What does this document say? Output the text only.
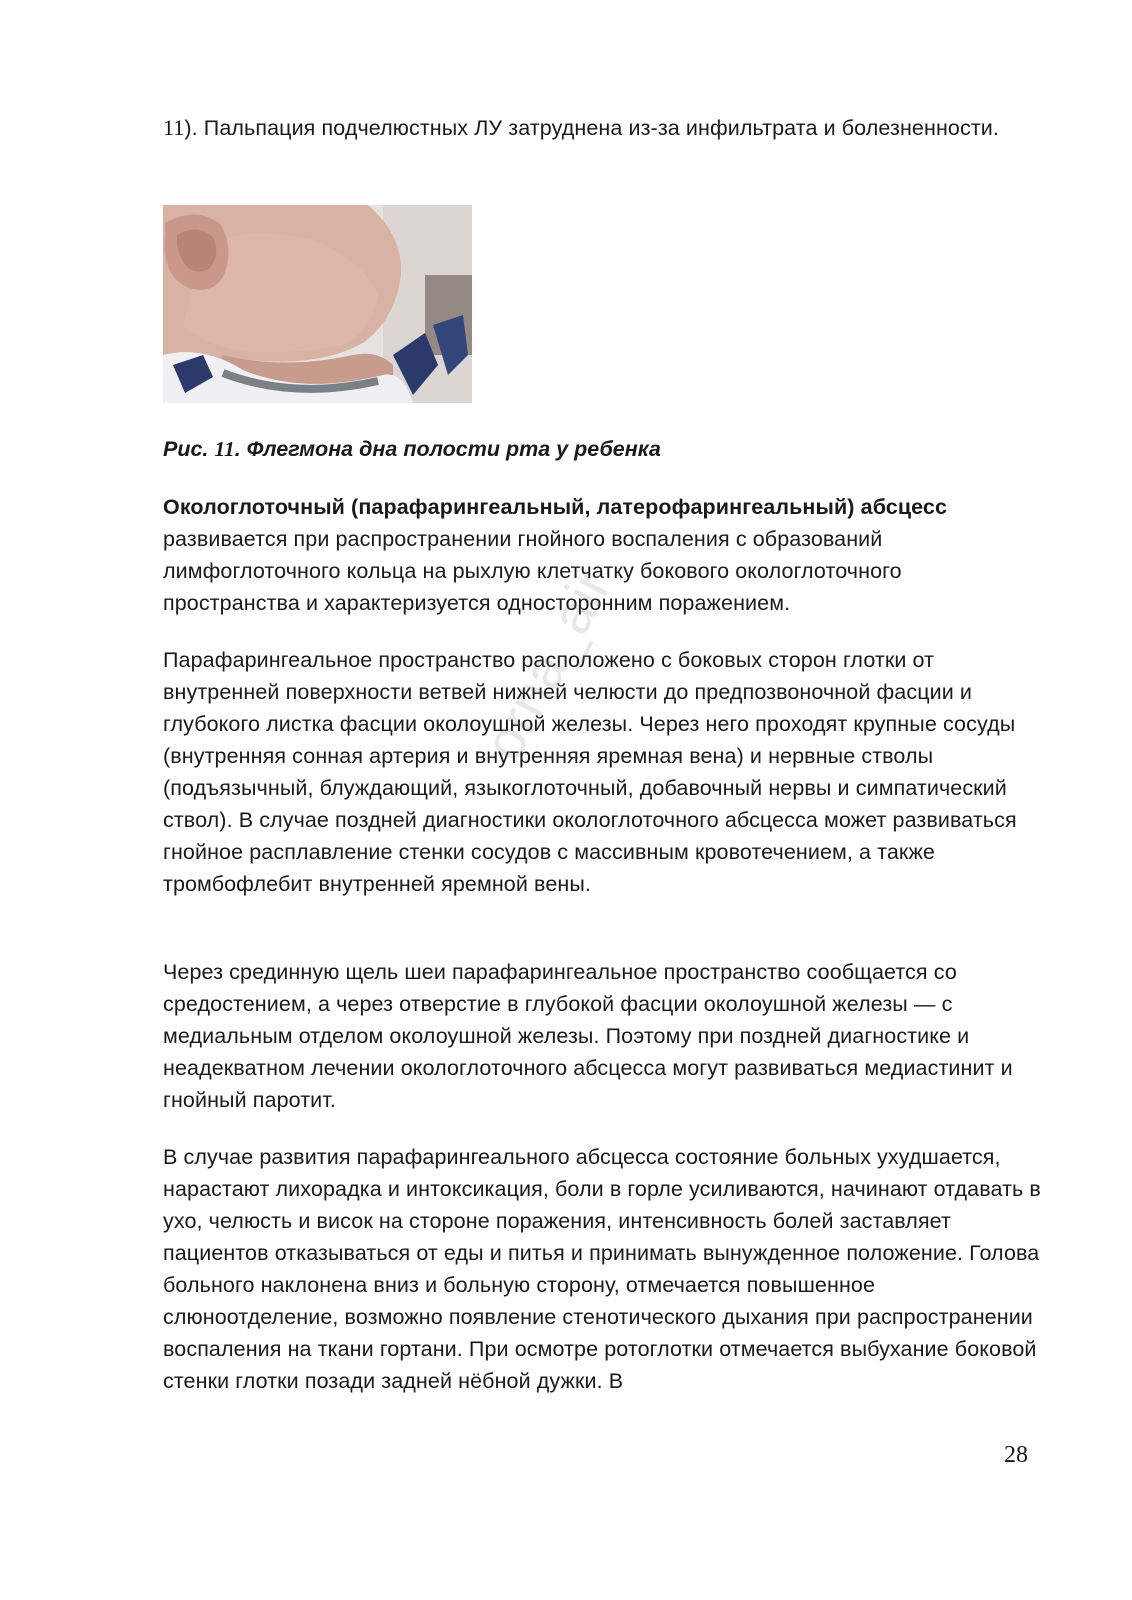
11). Пальпация подчелюстных ЛУ затруднена из-за инфильтрата и болезненности.

Рис. 11. Флегмона дна полости рта у ребенка

Окологлоточный (парафарингеальный, латерофарингеальный) абсцесс развивается при распространении гнойного воспаления с образований лимфоглоточного кольца на рыхлую клетчатку бокового окологлоточного пространства и характеризуется односторонним поражением.

Парафарингеальное пространство расположено с боковых сторон глотки от внутренней поверхности ветвей нижней челюсти до предпозвоночной фасции и глубокого листка фасции околоушной железы. Через него проходят крупные сосуды (внутренняя сонная артерия и внутренняя яремная вена) и нервные стволы (подъязычный, блуждающий, языкоглоточный, добавочный нервы и симпатический ствол). В случае поздней диагностики окологлоточного абсцесса может развиваться гнойное расплавление стенки сосудов с массивным кровотечением, а также тромбофлебит внутренней яремной вены.

Через срединную щель шеи парафарингеальное пространство сообщается со средостением, а через отверстие в глубокой фасции околоушной железы — с медиальным отделом околоушной железы. Поэтому при поздней диагностике и неадекватном лечении окологлоточного абсцесса могут развиваться медиастинит и гнойный паротит.

В случае развития парафарингеального абсцесса состояние больных ухудшается, нарастают лихорадка и интоксикация, боли в горле усиливаются, начинают отдавать в ухо, челюсть и висок на стороне поражения, интенсивность болей заставляет пациентов отказываться от еды и питья и принимать вынужденное положение. Голова больного наклонена вниз и больную сторону, отмечается повышенное слюноотделение, возможно появление стенотического дыхания при распространении воспаления на ткани гортани. При осмотре ротоглотки отмечается выбухание боковой стенки глотки позади задней нёбной дужки. В

orna_air
28
